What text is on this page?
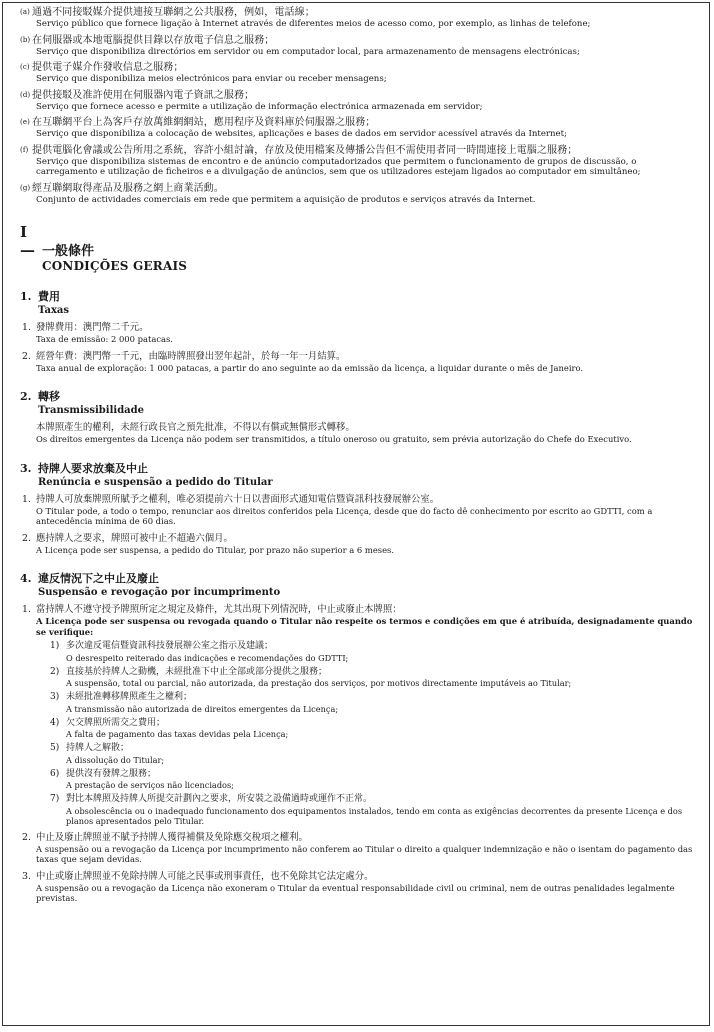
(a) 通過不同接駁媒介提供連接互聯網之公共服務，例如，電話線；
Serviço público que fornece ligação à Internet através de diferentes meios de acesso como, por exemplo, as linhas de telefone;
(b) 在伺服器或本地電腦提供目錄以存放電子信息之服務；
Serviço que disponibiliza directórios em servidor ou em computador local, para armazenamento de mensagens electrónicas;
(c) 提供電子媒介作發收信息之服務；
Serviço que disponibiliza meios electrónicos para enviar ou receber mensagens;
(d) 提供接駁及准許使用在伺服器內電子資訊之服務；
Serviço que fornece acesso e permite a utilização de informação electrónica armazenada em servidor;
(e) 在互聯網平台上為客戶存放萬維網網站，應用程序及資料庫於伺服器之服務；
Serviço que disponibiliza a colocação de websites, aplicações e bases de dados em servidor acessível através da Internet;
(f) 提供電腦化會議或公告所用之系統，容許小組討論，存放及使用檔案及傳播公告但不需使用者同一時間連接上電腦之服務；
Serviço que disponibiliza sistemas de encontro e de anúncio computadorizados que permitem o funcionamento de grupos de discussão, o carregamento e utilização de ficheiros e a divulgação de anúncios, sem que os utilizadores estejam ligados ao computador em simultâneo;
(g) 經互聯網取得產品及服務之網上商業活動。
Conjunto de actividades comerciais em rede que permitem a aquisição de produtos e serviços através da Internet.
I — 一般條件
CONDIÇÕES GERAIS
1. 費用
Taxas
1. 發牌費用：澳門幣二千元。
Taxa de emissão: 2 000 patacas.
2. 經營年費：澳門幣一千元，由臨時牌照發出翌年起計，於每一年一月結算。
Taxa anual de exploração: 1 000 patacas, a partir do ano seguinte ao da emissão da licença, a liquidar durante o mês de Janeiro.
2. 轉移
Transmissibilidade
本牌照產生的權利，未經行政長官之預先批准，不得以有償或無償形式轉移。
Os direitos emergentes da Licença não podem ser transmitidos, a título oneroso ou gratuito, sem prévia autorização do Chefe do Executivo.
3. 持牌人要求放棄及中止
Renúncia e suspensão a pedido do Titular
1. 持牌人可放棄牌照所賦予之權利，唯必須提前六十日以書面形式通知電信暨資訊科技發展辦公室。
O Titular pode, a todo o tempo, renunciar aos direitos conferidos pela Licença, desde que do facto dê conhecimento por escrito ao GDTTI, com a antecedência mínima de 60 dias.
2. 應持牌人之要求，牌照可被中止不超過六個月。
A Licença pode ser suspensa, a pedido do Titular, por prazo não superior a 6 meses.
4. 違反情況下之中止及廢止
Suspensão e revogação por incumprimento
1. 當持牌人不遵守授予牌照所定之規定及條件，尤其出現下列情況時，中止或廢止本牌照：
A Licença pode ser suspensa ou revogada quando o Titular não respeite os termos e condições em que é atribuída, designadamente quando se verifique:
1) 多次違反電信暨資訊科技發展辦公室之指示及建議；
O desrespeito reiterado das indicações e recomendações do GDTTI;
2) 直接基於持牌人之動機，未經批准下中止全部或部分提供之服務；
A suspensão, total ou parcial, não autorizada, da prestação dos serviços, por motivos directamente imputáveis ao Titular;
3) 未經批准轉移牌照產生之權利；
A transmissão não autorizada de direitos emergentes da Licença;
4) 欠交牌照所需交之費用；
A falta de pagamento das taxas devidas pela Licença;
5) 持牌人之解散；
A dissolução do Titular;
6) 提供沒有發牌之服務；
A prestação de serviços não licenciados;
7) 對比本牌照及持牌人所提交計劃內之要求，所安裝之設備過時或運作不正常。
A obsolescência ou o inadequado funcionamento dos equipamentos instalados, tendo em conta as exigências decorrentes da presente Licença e dos planos apresentados pelo Titular.
2. 中止及廢止牌照並不賦予持牌人獲得補償及免除應交稅項之權利。
A suspensão ou a revogação da Licença por incumprimento não conferem ao Titular o direito a qualquer indemnização e não o isentam do pagamento das taxas que sejam devidas.
3. 中止或廢止牌照並不免除持牌人可能之民事或刑事責任，也不免除其它法定處分。
A suspensão ou a revogação da Licença não exoneram o Titular da eventual responsabilidade civil ou criminal, nem de outras penalidades legalmente previstas.
